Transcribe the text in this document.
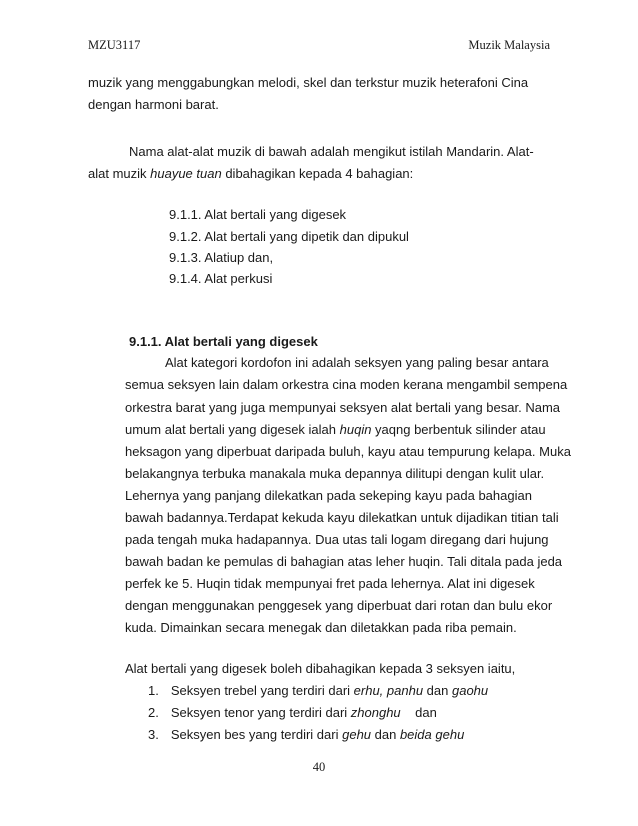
MZU3117	Muzik Malaysia
muzik yang menggabungkan melodi, skel dan terkstur muzik heterafoni Cina
dengan harmoni barat.
Nama alat-alat muzik di bawah adalah mengikut istilah Mandarin. Alat-
alat muzik huayue tuan dibahagikan kepada 4 bahagian:
9.1.1. Alat bertali yang digesek
9.1.2. Alat bertali yang dipetik dan dipukul
9.1.3. Alatiup dan,
9.1.4. Alat perkusi
9.1.1. Alat bertali yang digesek
Alat kategori kordofon ini adalah seksyen yang paling besar antara
semua seksyen lain dalam orkestra cina moden kerana mengambil sempena
orkestra barat yang juga mempunyai seksyen alat bertali yang besar. Nama
umum alat bertali yang digesek ialah huqin yaqng berbentuk silinder atau
heksagon yang diperbuat daripada buluh, kayu atau tempurung kelapa. Muka
belakangnya terbuka manakala muka depannya dilitupi dengan kulit ular.
Lehernya yang panjang dilekatkan pada sekeping kayu pada bahagian
bawah badannya.Terdapat kekuda kayu dilekatkan untuk dijadikan titian tali
pada tengah muka hadapannya. Dua utas tali logam diregang dari hujung
bawah badan ke pemulas di bahagian atas leher huqin. Tali ditala pada jeda
perfek ke 5. Huqin tidak mempunyai fret pada lehernya. Alat ini digesek
dengan menggunakan penggesek yang diperbuat dari rotan dan bulu ekor
kuda. Dimainkan secara menegak dan diletakkan pada riba pemain.
Alat bertali yang digesek boleh dibahagikan kepada 3 seksyen iaitu,
1. Seksyen trebel yang terdiri dari erhu, panhu dan gaohu
2. Seksyen tenor yang terdiri dari zhonghu    dan
3. Seksyen bes yang terdiri dari gehu dan beida gehu
40
